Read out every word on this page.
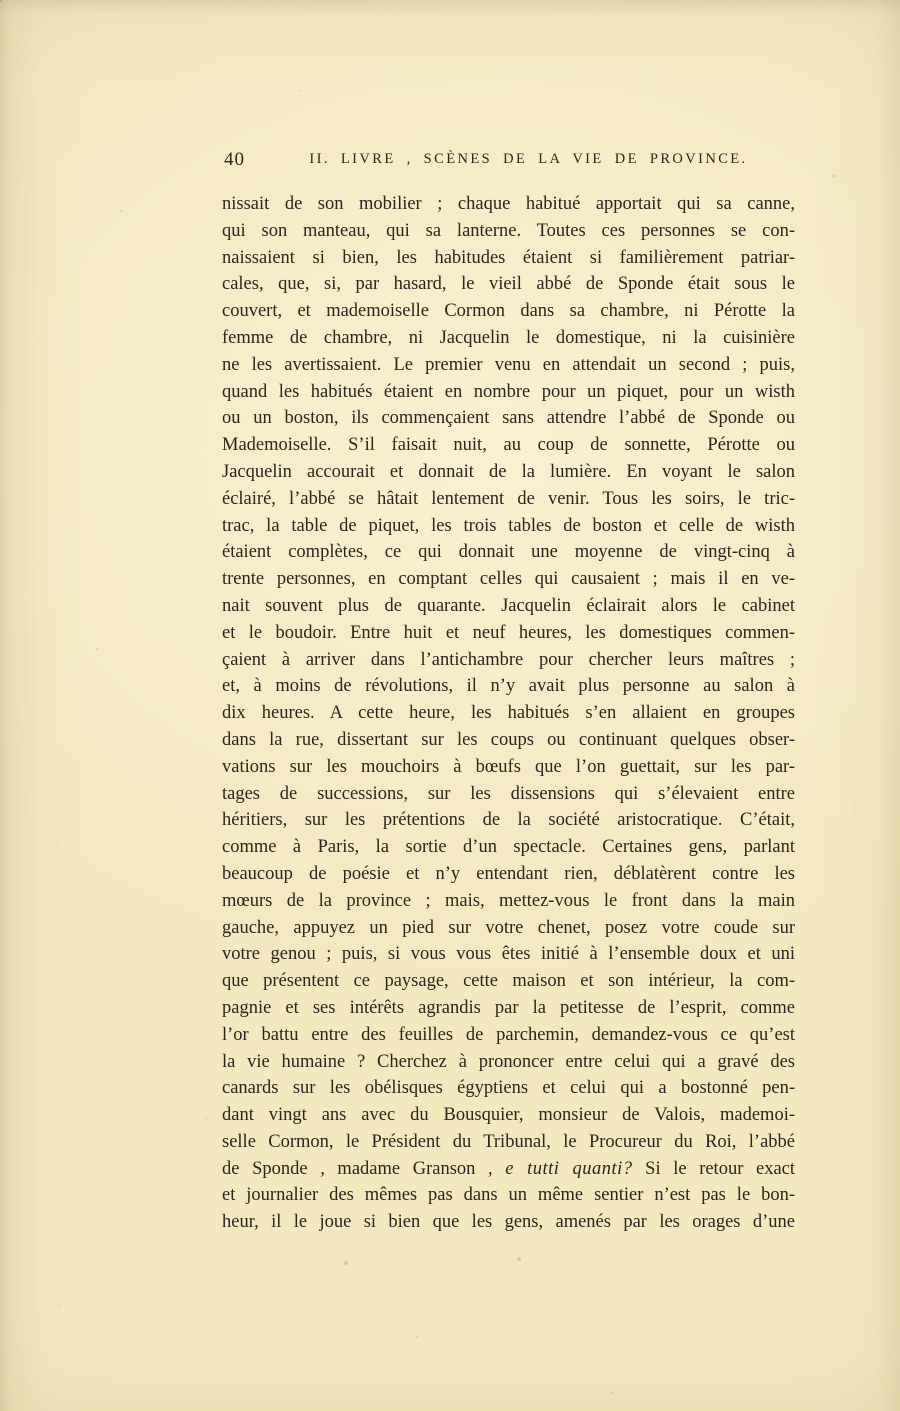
40	II. LIVRE , SCÈNES DE LA VIE DE PROVINCE.
nissait de son mobilier ; chaque habitué apportait qui sa canne,
qui son manteau, qui sa lanterne. Toutes ces personnes se con-
naissaient si bien, les habitudes étaient si familièrement patriar-
cales, que, si, par hasard, le vieil abbé de Sponde était sous le
couvert, et mademoiselle Cormon dans sa chambre, ni Pérotte la
femme de chambre, ni Jacquelin le domestique, ni la cuisinière
ne les avertissaient. Le premier venu en attendait un second ; puis,
quand les habitués étaient en nombre pour un piquet, pour un wisth
ou un boston, ils commençaient sans attendre l’abbé de Sponde ou
Mademoiselle. S’il faisait nuit, au coup de sonnette, Pérotte ou
Jacquelin accourait et donnait de la lumière. En voyant le salon
éclairé, l’abbé se hâtait lentement de venir. Tous les soirs, le tric-
trac, la table de piquet, les trois tables de boston et celle de wisth
étaient complètes, ce qui donnait une moyenne de vingt-cinq à
trente personnes, en comptant celles qui causaient ; mais il en ve-
nait souvent plus de quarante. Jacquelin éclairait alors le cabinet
et le boudoir. Entre huit et neuf heures, les domestiques commen-
çaient à arriver dans l’antichambre pour chercher leurs maîtres ;
et, à moins de révolutions, il n’y avait plus personne au salon à
dix heures. A cette heure, les habitués s’en allaient en groupes
dans la rue, dissertant sur les coups ou continuant quelques obser-
vations sur les mouchoirs à bœufs que l’on guettait, sur les par-
tages de successions, sur les dissensions qui s’élevaient entre
héritiers, sur les prétentions de la société aristocratique. C’était,
comme à Paris, la sortie d’un spectacle. Certaines gens, parlant
beaucoup de poésie et n’y entendant rien, déblatèrent contre les
mœurs de la province ; mais, mettez-vous le front dans la main
gauche, appuyez un pied sur votre chenet, posez votre coude sur
votre genou ; puis, si vous vous êtes initié à l’ensemble doux et uni
que présentent ce paysage, cette maison et son intérieur, la com-
pagnie et ses intérêts agrandis par la petitesse de l’esprit, comme
l’or battu entre des feuilles de parchemin, demandez-vous ce qu’est
la vie humaine ? Cherchez à prononcer entre celui qui a gravé des
canards sur les obélisques égyptiens et celui qui a bostonné pen-
dant vingt ans avec du Bousquier, monsieur de Valois, mademoi-
selle Cormon, le Président du Tribunal, le Procureur du Roi, l’abbé
de Sponde , madame Granson , e tutti quanti? Si le retour exact
et journalier des mêmes pas dans un même sentier n’est pas le bon-
heur, il le joue si bien que les gens, amenés par les orages d’une
